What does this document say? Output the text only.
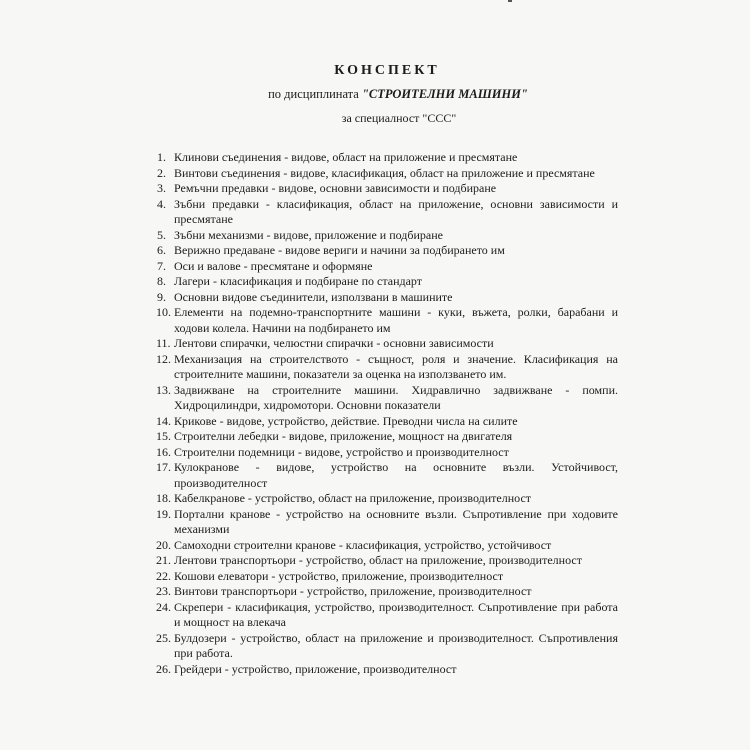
КОНСПЕКТ

по дисциплината "СТРОИТЕЛНИ МАШИНИ"

за специалност "ССС"

1. Клинови съединения - видове, област на приложение и пресмятане
2. Винтови съединения - видове, класификация, област на приложение и пресмятане
3. Ремъчни предавки - видове, основни зависимости и подбиране
4. Зъбни предавки - класификация, област на приложение, основни зависимости и пресмятане
5. Зъбни механизми - видове, приложение и подбиране
6. Верижно предаване - видове вериги и начини за подбирането им
7. Оси и валове - пресмятане и оформяне
8. Лагери - класификация и подбиране по стандарт
9. Основни видове съединители, използвани в машините
10. Елементи на подемно-транспортните машини - куки, въжета, ролки, барабани и ходови колела. Начини на подбирането им
11. Лентови спирачки, челюстни спирачки - основни зависимости
12. Механизация на строителството - същност, роля и значение. Класификация на строителните машини, показатели за оценка на използването им.
13. Задвижване на строителните машини. Хидравлично задвижване - помпи. Хидроцилиндри, хидромотори. Основни показатели
14. Крикове - видове, устройство, действие. Преводни числа на силите
15. Строителни лебедки - видове, приложение, мощност на двигателя
16. Строителни подемници - видове, устройство и производителност
17. Кулокранове - видове, устройство на основните възли. Устойчивост, производителност
18. Кабелкранове - устройство, област на приложение, производителност
19. Портални кранове - устройство на основните възли. Съпротивление при ходовите механизми
20. Самоходни строителни кранове - класификация, устройство, устойчивост
21. Лентови транспортьори - устройство, област на приложение, производителност
22. Кошови елеватори - устройство, приложение, производителност
23. Винтови транспортьори - устройство, приложение, производителност
24. Скрепери - класификация, устройство, производителност. Съпротивление при работа и мощност на влекача
25. Булдозери - устройство, област на приложение и производителност. Съпротивления при работа.
26. Грейдери - устройство, приложение, производителност
